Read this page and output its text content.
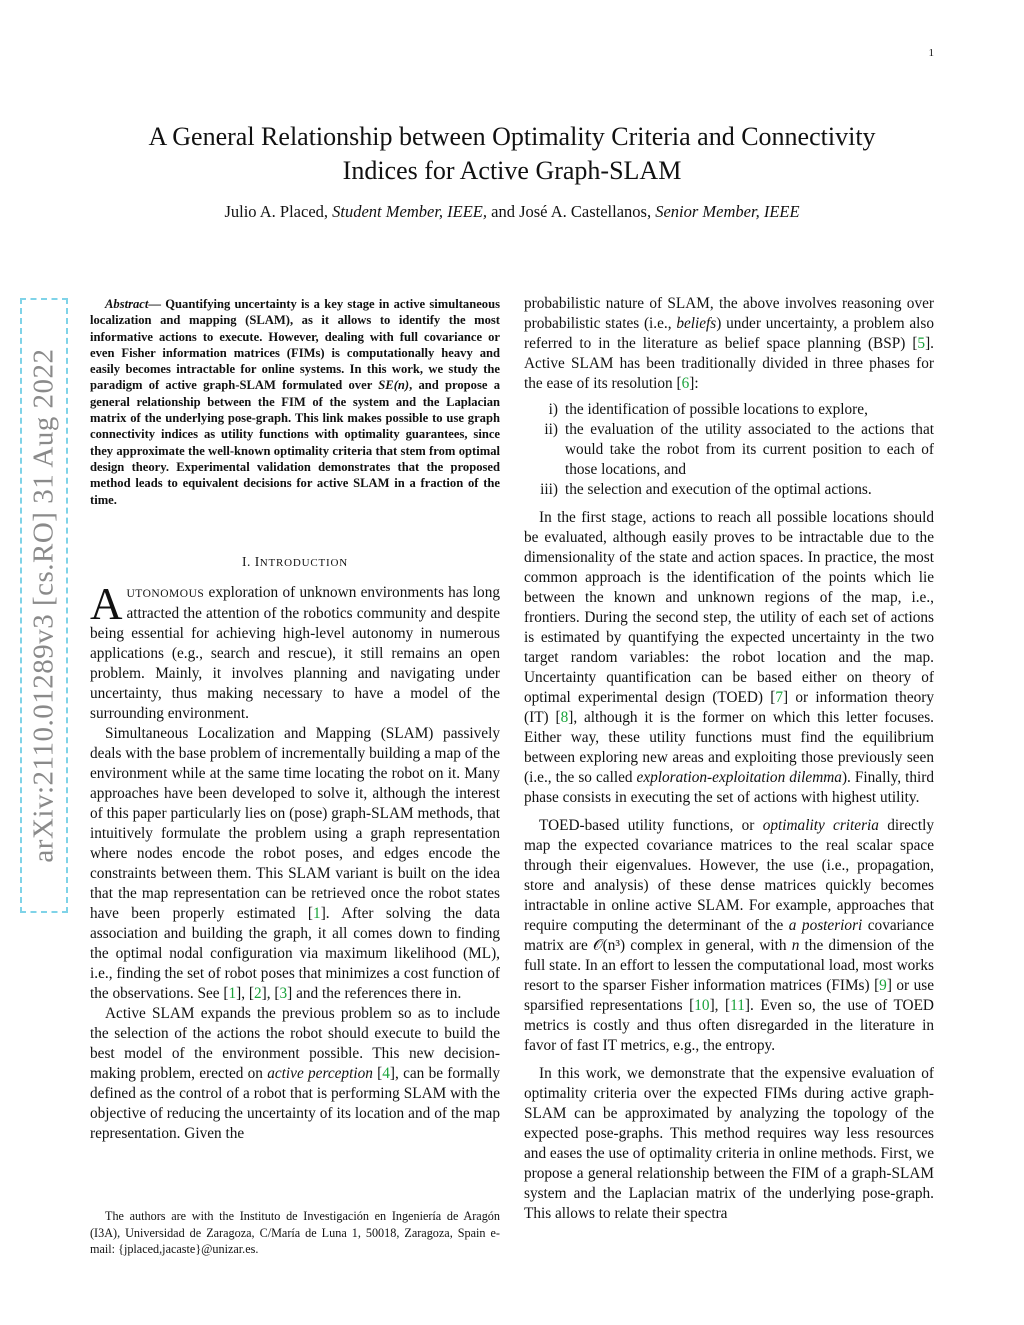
1
arXiv:2110.01289v3 [cs.RO] 31 Aug 2022
A General Relationship between Optimality Criteria and Connectivity
Indices for Active Graph-SLAM
Julio A. Placed, Student Member, IEEE, and José A. Castellanos, Senior Member, IEEE

Abstract— Quantifying uncertainty is a key stage in active simultaneous localization and mapping (SLAM), as it allows to identify the most informative actions to execute. However, dealing with full covariance or even Fisher information matrices (FIMs) is computationally heavy and easily becomes intractable for online systems. In this work, we study the paradigm of active graph-SLAM formulated over SE(n), and propose a general relationship between the FIM of the system and the Laplacian matrix of the underlying pose-graph. This link makes possible to use graph connectivity indices as utility functions with optimality guarantees, since they approximate the well-known optimality criteria that stem from optimal design theory. Experimental validation demonstrates that the proposed method leads to equivalent decisions for active SLAM in a fraction of the time.

I. INTRODUCTION

AUTONOMOUS exploration of unknown environments has long attracted the attention of the robotics community and despite being essential for achieving high-level autonomy in numerous applications (e.g., search and rescue), it still remains an open problem. Mainly, it involves planning and navigating under uncertainty, thus making necessary to have a model of the surrounding environment.

Simultaneous Localization and Mapping (SLAM) passively deals with the base problem of incrementally building a map of the environment while at the same time locating the robot on it. Many approaches have been developed to solve it, although the interest of this paper particularly lies on (pose) graph-SLAM methods, that intuitively formulate the problem using a graph representation where nodes encode the robot poses, and edges encode the constraints between them. This SLAM variant is built on the idea that the map representation can be retrieved once the robot states have been properly estimated [1]. After solving the data association and building the graph, it all comes down to finding the optimal nodal configuration via maximum likelihood (ML), i.e., finding the set of robot poses that minimizes a cost function of the observations. See [1], [2], [3] and the references there in.

Active SLAM expands the previous problem so as to include the selection of the actions the robot should execute to build the best model of the environment possible. This new decision-making problem, erected on active perception [4], can be formally defined as the control of a robot that is performing SLAM with the objective of reducing the uncertainty of its location and of the map representation. Given the

The authors are with the Instituto de Investigación en Ingeniería de Aragón (I3A), Universidad de Zaragoza, C/María de Luna 1, 50018, Zaragoza, Spain e-mail: {jplaced,jacaste}@unizar.es.

probabilistic nature of SLAM, the above involves reasoning over probabilistic states (i.e., beliefs) under uncertainty, a problem also referred to in the literature as belief space planning (BSP) [5]. Active SLAM has been traditionally divided in three phases for the ease of its resolution [6]:

i) the identification of possible locations to explore,
ii) the evaluation of the utility associated to the actions that would take the robot from its current position to each of those locations, and
iii) the selection and execution of the optimal actions.

In the first stage, actions to reach all possible locations should be evaluated, although easily proves to be intractable due to the dimensionality of the state and action spaces. In practice, the most common approach is the identification of the points which lie between the known and unknown regions of the map, i.e., frontiers. During the second step, the utility of each set of actions is estimated by quantifying the expected uncertainty in the two target random variables: the robot location and the map. Uncertainty quantification can be based either on theory of optimal experimental design (TOED) [7] or information theory (IT) [8], although it is the former on which this letter focuses. Either way, these utility functions must find the equilibrium between exploring new areas and exploiting those previously seen (i.e., the so called exploration-exploitation dilemma). Finally, third phase consists in executing the set of actions with highest utility.

TOED-based utility functions, or optimality criteria directly map the expected covariance matrices to the real scalar space through their eigenvalues. However, the use (i.e., propagation, store and analysis) of these dense matrices quickly becomes intractable in online active SLAM. For example, approaches that require computing the determinant of the a posteriori covariance matrix are 𝒪(n³) complex in general, with n the dimension of the full state. In an effort to lessen the computational load, most works resort to the sparser Fisher information matrices (FIMs) [9] or use sparsified representations [10], [11]. Even so, the use of TOED metrics is costly and thus often disregarded in the literature in favor of fast IT metrics, e.g., the entropy.

In this work, we demonstrate that the expensive evaluation of optimality criteria over the expected FIMs during active graph-SLAM can be approximated by analyzing the topology of the expected pose-graphs. This method requires way less resources and eases the use of optimality criteria in online methods. First, we propose a general relationship between the FIM of a graph-SLAM system and the Laplacian matrix of the underlying pose-graph. This allows to relate their spectra
